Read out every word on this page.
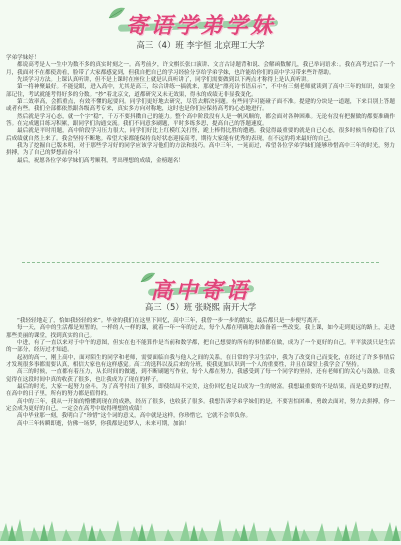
寄语学弟学妹
高三（4）班 李宇恒 北京理工大学

学弟学妹好！

都说高考是人一生中为数不多的真实时刻之一。高考前夕，许文棋长张口演讲、文言古诗题背和说、会解函数解几，我已举词语求：。我在高考过后了一个月，我面对不在都使劲看，脸带了大家都感觉到，但我自把自已的学习经验分享给学弟学妹，也许能给你们的高中学习带来些许帮助。

先谈学习方法。上课认真听讲，但不是上课时在座位上就是认真听讲了，同学们需要做到以下两点才称得上是认真听讲。

第一将神聚最好。不能觉眼，进入高中，尤其是高三，综合讲练一搞就来，那就是“漂亮诗书语启示”，不中有三刻老师就读到了高中三年的知识，如果全部记住，考试就能考得好多的分数。“抄”着北京文，道都研究又未无效果，得永的成绩无非显我变化。

第二效率高，会抓重点，有效不懂的起要问。同学们更好地去研究，尽管去解决问题。有些同学可能碰子面不准。提建的分块是一道题，下来目别上答题或者有些。我们全部都依然跟各级高考专来，真实多方向对称地，这时也是你们应保持高考的心态地进行。

然后就是学习心态，就一个字“稳”，千万不要抖擞自己的能力。整个高中阶段没有人是一帆风顺的，都会面对各种困难。无论有没有把握做的都要准确作答。在完成题目练习积累，跟同学们沟通交流。我们不同意多刷题，平时多练多思，提高自己的答题速度。

最后就是平时用题，高中阶段学习压力很大，同学们好比上红模红关打怪，跪上棒得比胜的遭遇。我觉得最重要的就是自已心态，很多时候当你稳住了以后成绩就自然上来了。我会坚持不断地。希望大家都能保持良好状态迎接高考，期待大家能有优秀的表现，在不远的将来最好的自己。

我为了挖掘自已版本明，对于那些学习好的同学应该学习他们的方法和技巧。高中三年，一晃而过，希望各位学弟学妹们能够珍惜高中三年的时光，努力拼搏，为了自己的梦想而奋斗！

最后，祝愿各位学弟学妹们高考顺利，考出理想的成绩，金榜题名！

高中寄语
高三（5）班 张晓熙 南开大学

“我轻轻地走了，恰如我轻轻的来”。毕业的我们在这里下回忆，高中三年，我曾一步一步的踏实，最后都只是一步便写离开。

每一天，高中的生活都是短暂的，一样的人一样的课，就着一年一年的过去，每个人都在明确地去准备着一些改变。我上课，如今走到更远的路上，走进那些美丽的课堂，找到真实的自己。

中进，有了一直以来对于中午的意图，但实在也不能算作是当前和数学都，把自己想要的所有的事情都在做，成为了一个更好的自己。平平淡淡只是生活的一部分，经历过才知道。

起初的高一，刚上高中，面对陌生的同学和老师，需要面临自我与他人之间的关系，在日常的学习生活中，我为了改变自己而变化，在经过了许多事情后才发现很多事都需要认真，相信大家也有这样感觉。高二的选科以及后来的分班，使我更加认识到一个人的重要性，并且在课堂上我学会了坚持。

高三的时候，一直都有着压力，从长时间的做题，到不断刷题写作业，每个人都在努力，我感受到了每一个同学的坚持，还有老师们的关心与鼓励。让我觉得在这段时间中真的收获了很多，也让我成为了现在的样子。

最后的时光，大家一起努力奋斗，为了高考付出了很多，即使结局不完美，这份回忆也足以成为一生的财富。我想最重要的不是结果，而是追梦的过程，在高中的日子里，所有的努力都是值得的。

高中的三年，我从一开始的懵懂到现在的成熟，经历了很多，也收获了很多。我想告诉学弟学妹们的是，不要害怕困难，勇敢去面对，努力去拼搏，你一定会成为更好的自己，一定会在高考中取得理想的成绩！

高中毕业那一刻，我明白了“珍惜”这个词的意义，高中就是这样，你珍惜它，它就不会辜负你。

高中三年转瞬即逝，仿佛一场梦，你我都是追梦人，未来可期，加油！
